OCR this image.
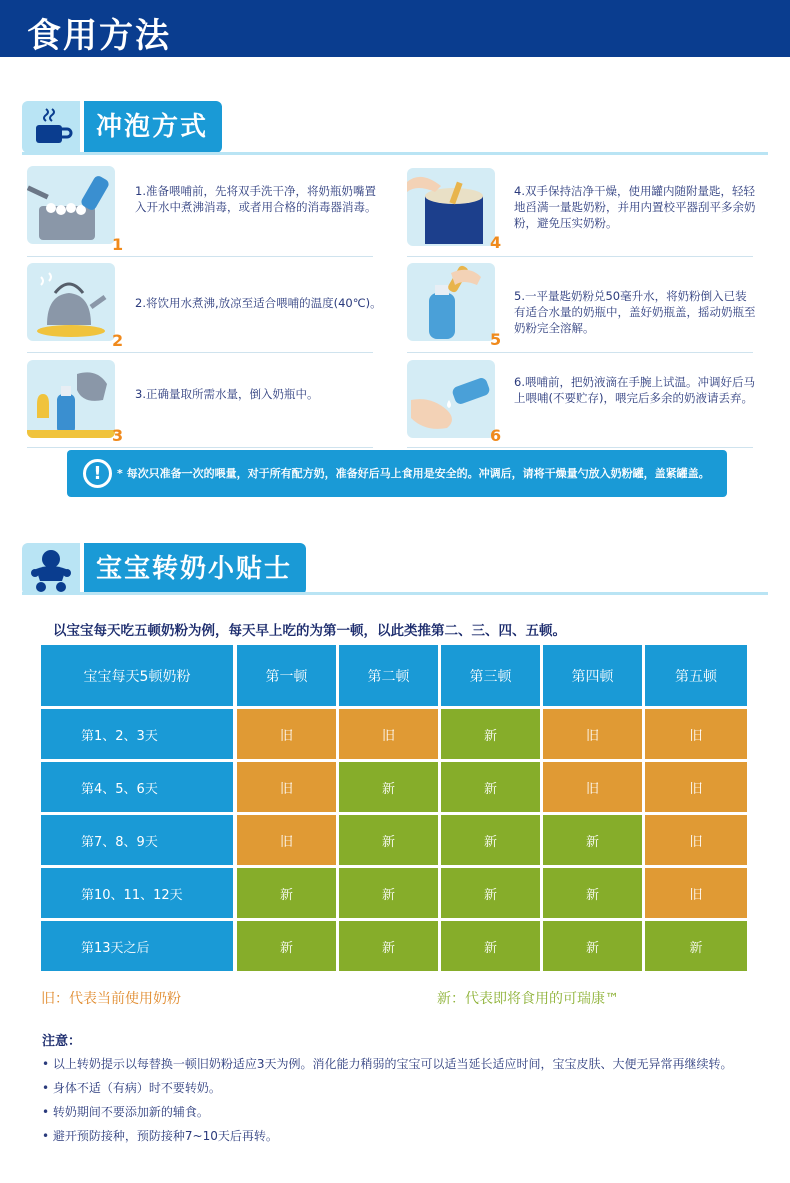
食用方法
冲泡方式
1
1.准备喂哺前，先将双手洗干净，将奶瓶奶嘴置入开水中煮沸消毒，或者用合格的消毒器消毒。
2
2.将饮用水煮沸,放凉至适合喂哺的温度(40℃)。
3
3.正确量取所需水量，倒入奶瓶中。
4
4.双手保持洁净干燥，使用罐内随附量匙，轻轻地舀满一量匙奶粉，并用内置校平器刮平多余奶粉，避免压实奶粉。
5
5.一平量匙奶粉兑50毫升水，将奶粉倒入已装有适合水量的奶瓶中，盖好奶瓶盖，摇动奶瓶至奶粉完全溶解。
6
6.喂哺前，把奶液滴在手腕上试温。冲调好后马上喂哺(不要贮存)，喂完后多余的奶液请丢弃。
!	* 每次只准备一次的喂量，对于所有配方奶，准备好后马上食用是安全的。冲调后，请将干燥量勺放入奶粉罐，盖紧罐盖。

宝宝转奶小贴士
以宝宝每天吃五顿奶粉为例，每天早上吃的为第一顿，以此类推第二、三、四、五顿。
宝宝每天5顿奶粉	第一顿	第二顿	第三顿	第四顿	第五顿
第1、2、3天	旧	旧	新	旧	旧
第4、5、6天	旧	新	新	旧	旧
第7、8、9天	旧	新	新	新	旧
第10、11、12天	新	新	新	新	旧
第13天之后	新	新	新	新	新
旧：代表当前使用奶粉	新：代表即将食用的可瑞康™
注意：
• 以上转奶提示以每替换一顿旧奶粉适应3天为例。消化能力稍弱的宝宝可以适当延长适应时间，宝宝皮肤、大便无异常再继续转。
• 身体不适（有病）时不要转奶。
• 转奶期间不要添加新的辅食。
• 避开预防接种，预防接种7~10天后再转。
